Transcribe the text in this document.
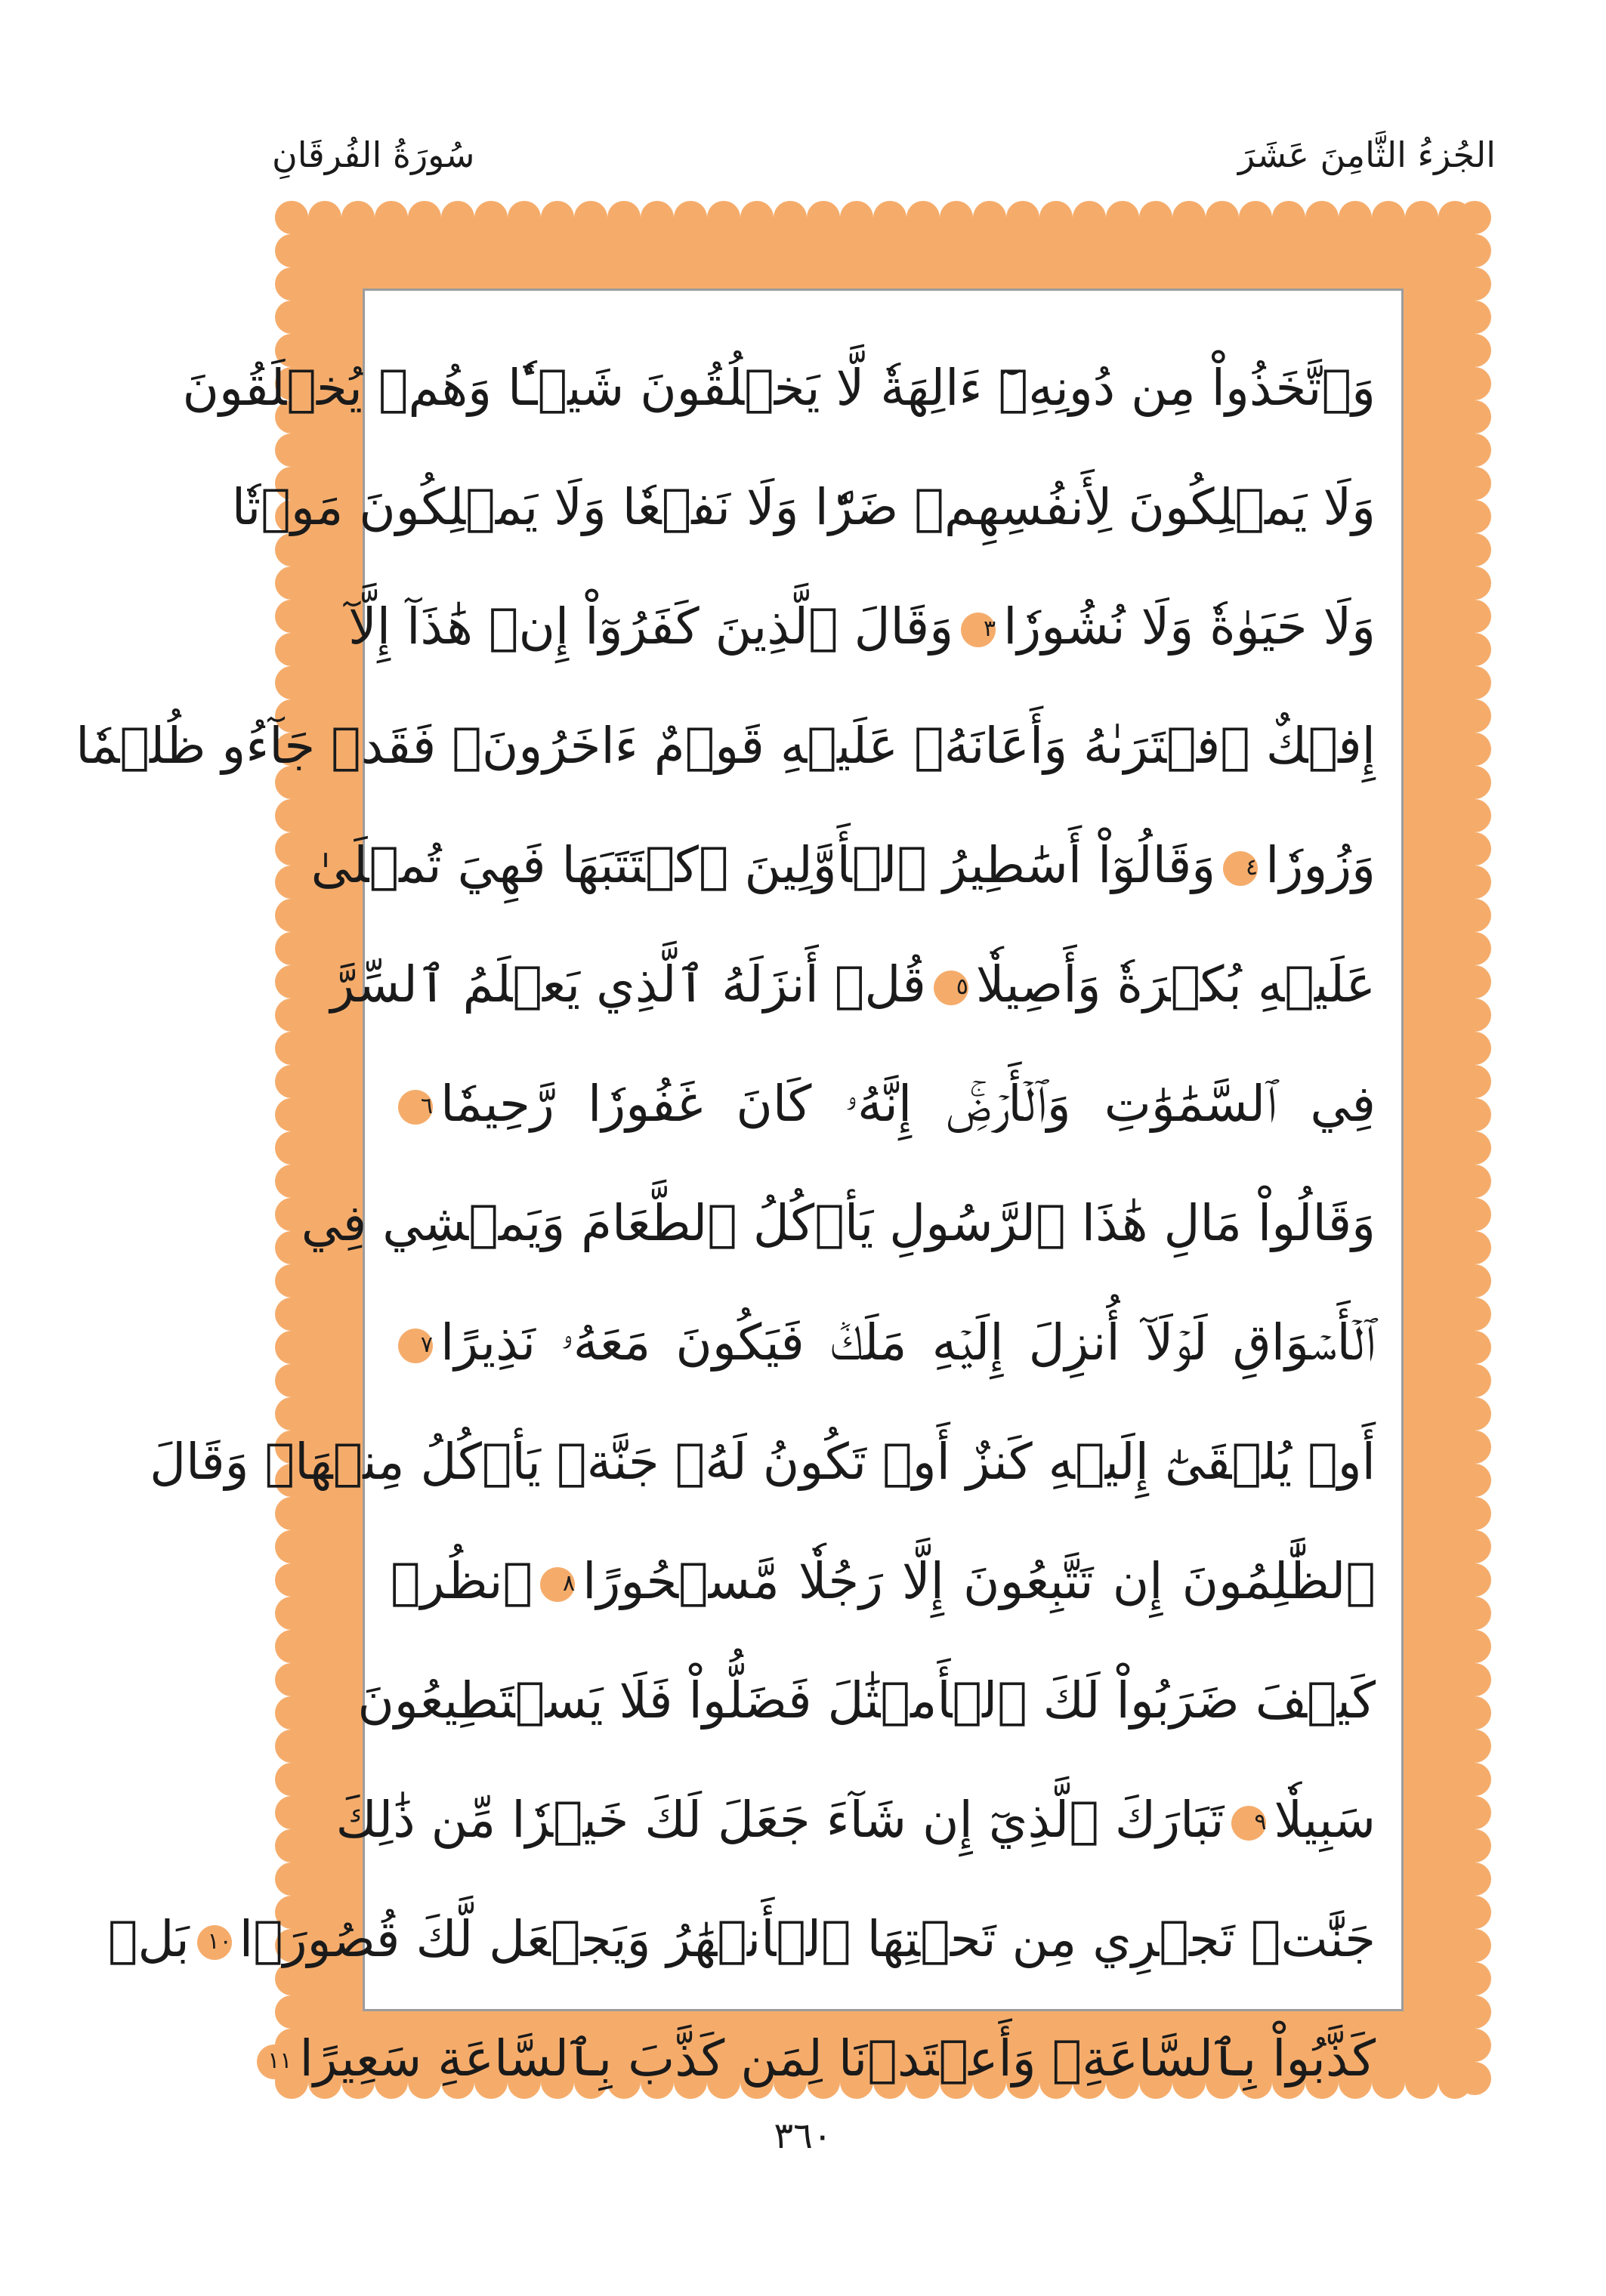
الجُزءُ الثَّامِنَ عَشَرَ
سُورَةُ الفُرقَانِ
وَٱتَّخَذُواْ مِن دُونِهِۦٓ ءَالِهَةٗ لَّا يَخۡلُقُونَ شَيۡـٔٗا وَهُمۡ يُخۡلَقُونَ
وَلَا يَمۡلِكُونَ لِأَنفُسِهِمۡ ضَرّٗا وَلَا نَفۡعٗا وَلَا يَمۡلِكُونَ مَوۡتٗا
وَلَا حَيَوٰةٗ وَلَا نُشُورٗا٣وَقَالَ ٱلَّذِينَ كَفَرُوٓاْ إِنۡ هَٰذَآ إِلَّآ
إِفۡكٌ ٱفۡتَرَىٰهُ وَأَعَانَهُۥ عَلَيۡهِ قَوۡمٌ ءَاخَرُونَۖ فَقَدۡ جَآءُو ظُلۡمٗا
وَزُورٗا٤وَقَالُوٓاْ أَسَٰطِيرُ ٱلۡأَوَّلِينَ ٱكۡتَتَبَهَا فَهِيَ تُمۡلَىٰ
عَلَيۡهِ بُكۡرَةٗ وَأَصِيلٗا٥قُلۡ أَنزَلَهُ ٱلَّذِي يَعۡلَمُ ٱلسِّرَّ
فِي ٱلسَّمَٰوَٰتِ وَٱلۡأَرۡضِۚ إِنَّهُۥ كَانَ غَفُورٗا رَّحِيمٗا٦
وَقَالُواْ مَالِ هَٰذَا ٱلرَّسُولِ يَأۡكُلُ ٱلطَّعَامَ وَيَمۡشِي فِي
ٱلۡأَسۡوَاقِ لَوۡلَآ أُنزِلَ إِلَيۡهِ مَلَكٞ فَيَكُونَ مَعَهُۥ نَذِيرًا٧
أَوۡ يُلۡقَىٰٓ إِلَيۡهِ كَنزٌ أَوۡ تَكُونُ لَهُۥ جَنَّةٞ يَأۡكُلُ مِنۡهَاۚ وَقَالَ
ٱلظَّٰلِمُونَ إِن تَتَّبِعُونَ إِلَّا رَجُلٗا مَّسۡحُورًا٨ٱنظُرۡ
كَيۡفَ ضَرَبُواْ لَكَ ٱلۡأَمۡثَٰلَ فَضَلُّواْ فَلَا يَسۡتَطِيعُونَ
سَبِيلٗا٩تَبَارَكَ ٱلَّذِيٓ إِن شَآءَ جَعَلَ لَكَ خَيۡرٗا مِّن ذَٰلِكَ
جَنَّٰتٖ تَجۡرِي مِن تَحۡتِهَا ٱلۡأَنۡهَٰرُ وَيَجۡعَل لَّكَ قُصُورَۢا١٠بَلۡ
كَذَّبُواْ بِٱلسَّاعَةِۖ وَأَعۡتَدۡنَا لِمَن كَذَّبَ بِٱلسَّاعَةِ سَعِيرًا١١
٣٦٠
